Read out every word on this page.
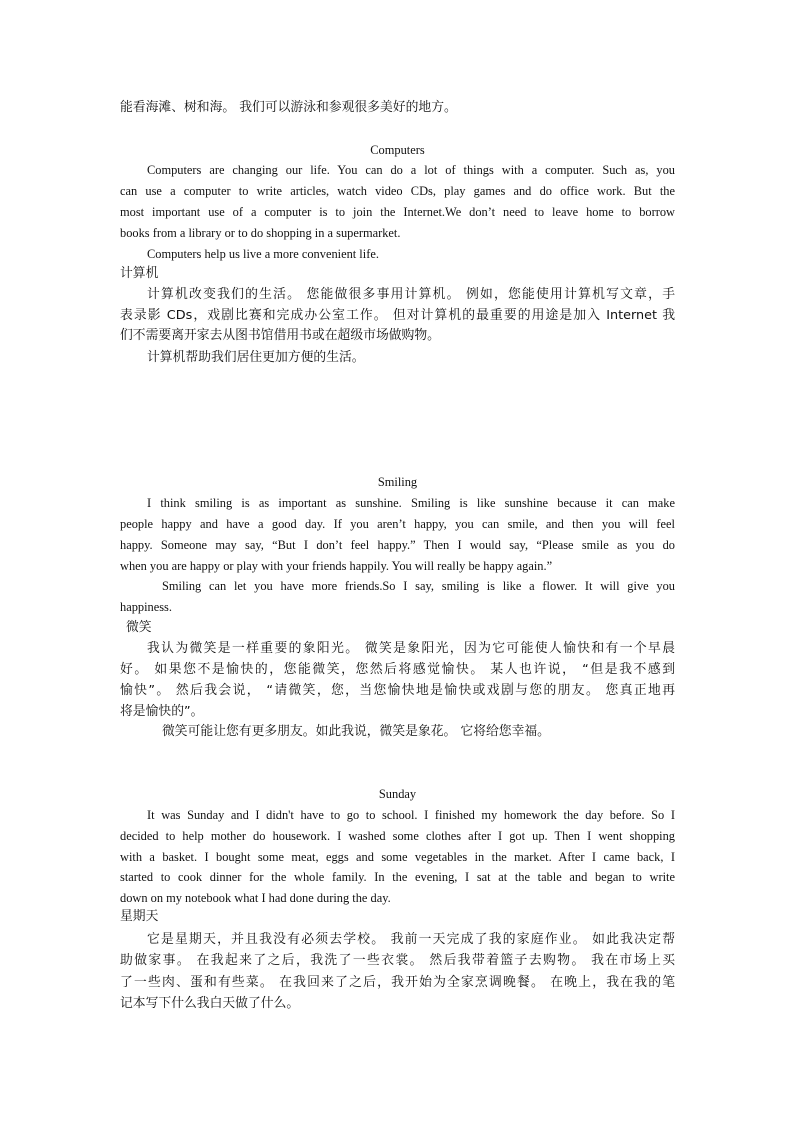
能看海滩、树和海。 我们可以游泳和参观很多美好的地方。
Computers
Computers are changing our life. You can do a lot of things with a computer. Such as, you
can use a computer to write articles, watch video CDs, play games and do office work. But the
most important use of a computer is to join the Internet.We don’t need to leave home to borrow
books from a library or to do shopping in a supermarket.
Computers help us live a more convenient life.
计算机
计算机改变我们的生活。 您能做很多事用计算机。 例如，您能使用计算机写文章，手
表录影 CDs，戏剧比赛和完成办公室工作。 但对计算机的最重要的用途是加入 Internet 我
们不需要离开家去从图书馆借用书或在超级市场做购物。
计算机帮助我们居住更加方便的生活。
Smiling
I think smiling is as important as sunshine. Smiling is like sunshine because it can make
people happy and have a good day. If you aren’t happy, you can smile, and then you will feel
happy. Someone may say, “But I don’t feel happy.” Then I would say, “Please smile as you do
when you are happy or play with your friends happily. You will really be happy again.”
Smiling can let you have more friends.So I say, smiling is like a flower. It will give you
happiness.
微笑
我认为微笑是一样重要的象阳光。 微笑是象阳光，因为它可能使人愉快和有一个早晨
好。 如果您不是愉快的，您能微笑，您然后将感觉愉快。 某人也许说， “但是我不感到
愉快”。 然后我会说， “请微笑，您，当您愉快地是愉快或戏剧与您的朋友。 您真正地再
将是愉快的”。
微笑可能让您有更多朋友。如此我说，微笑是象花。 它将给您幸福。
Sunday
It was Sunday and I didn't have to go to school. I finished my homework the day before. So I
decided to help mother do housework. I washed some clothes after I got up. Then I went shopping
with a basket. I bought some meat, eggs and some vegetables in the market. After I came back, I
started to cook dinner for the whole family. In the evening, I sat at the table and began to write
down on my notebook what I had done during the day.
星期天
它是星期天，并且我没有必须去学校。 我前一天完成了我的家庭作业。 如此我决定帮
助做家事。 在我起来了之后，我洗了一些衣裳。 然后我带着篮子去购物。 我在市场上买
了一些肉、蛋和有些菜。 在我回来了之后，我开始为全家烹调晚餐。 在晚上，我在我的笔
记本写下什么我白天做了什么。
